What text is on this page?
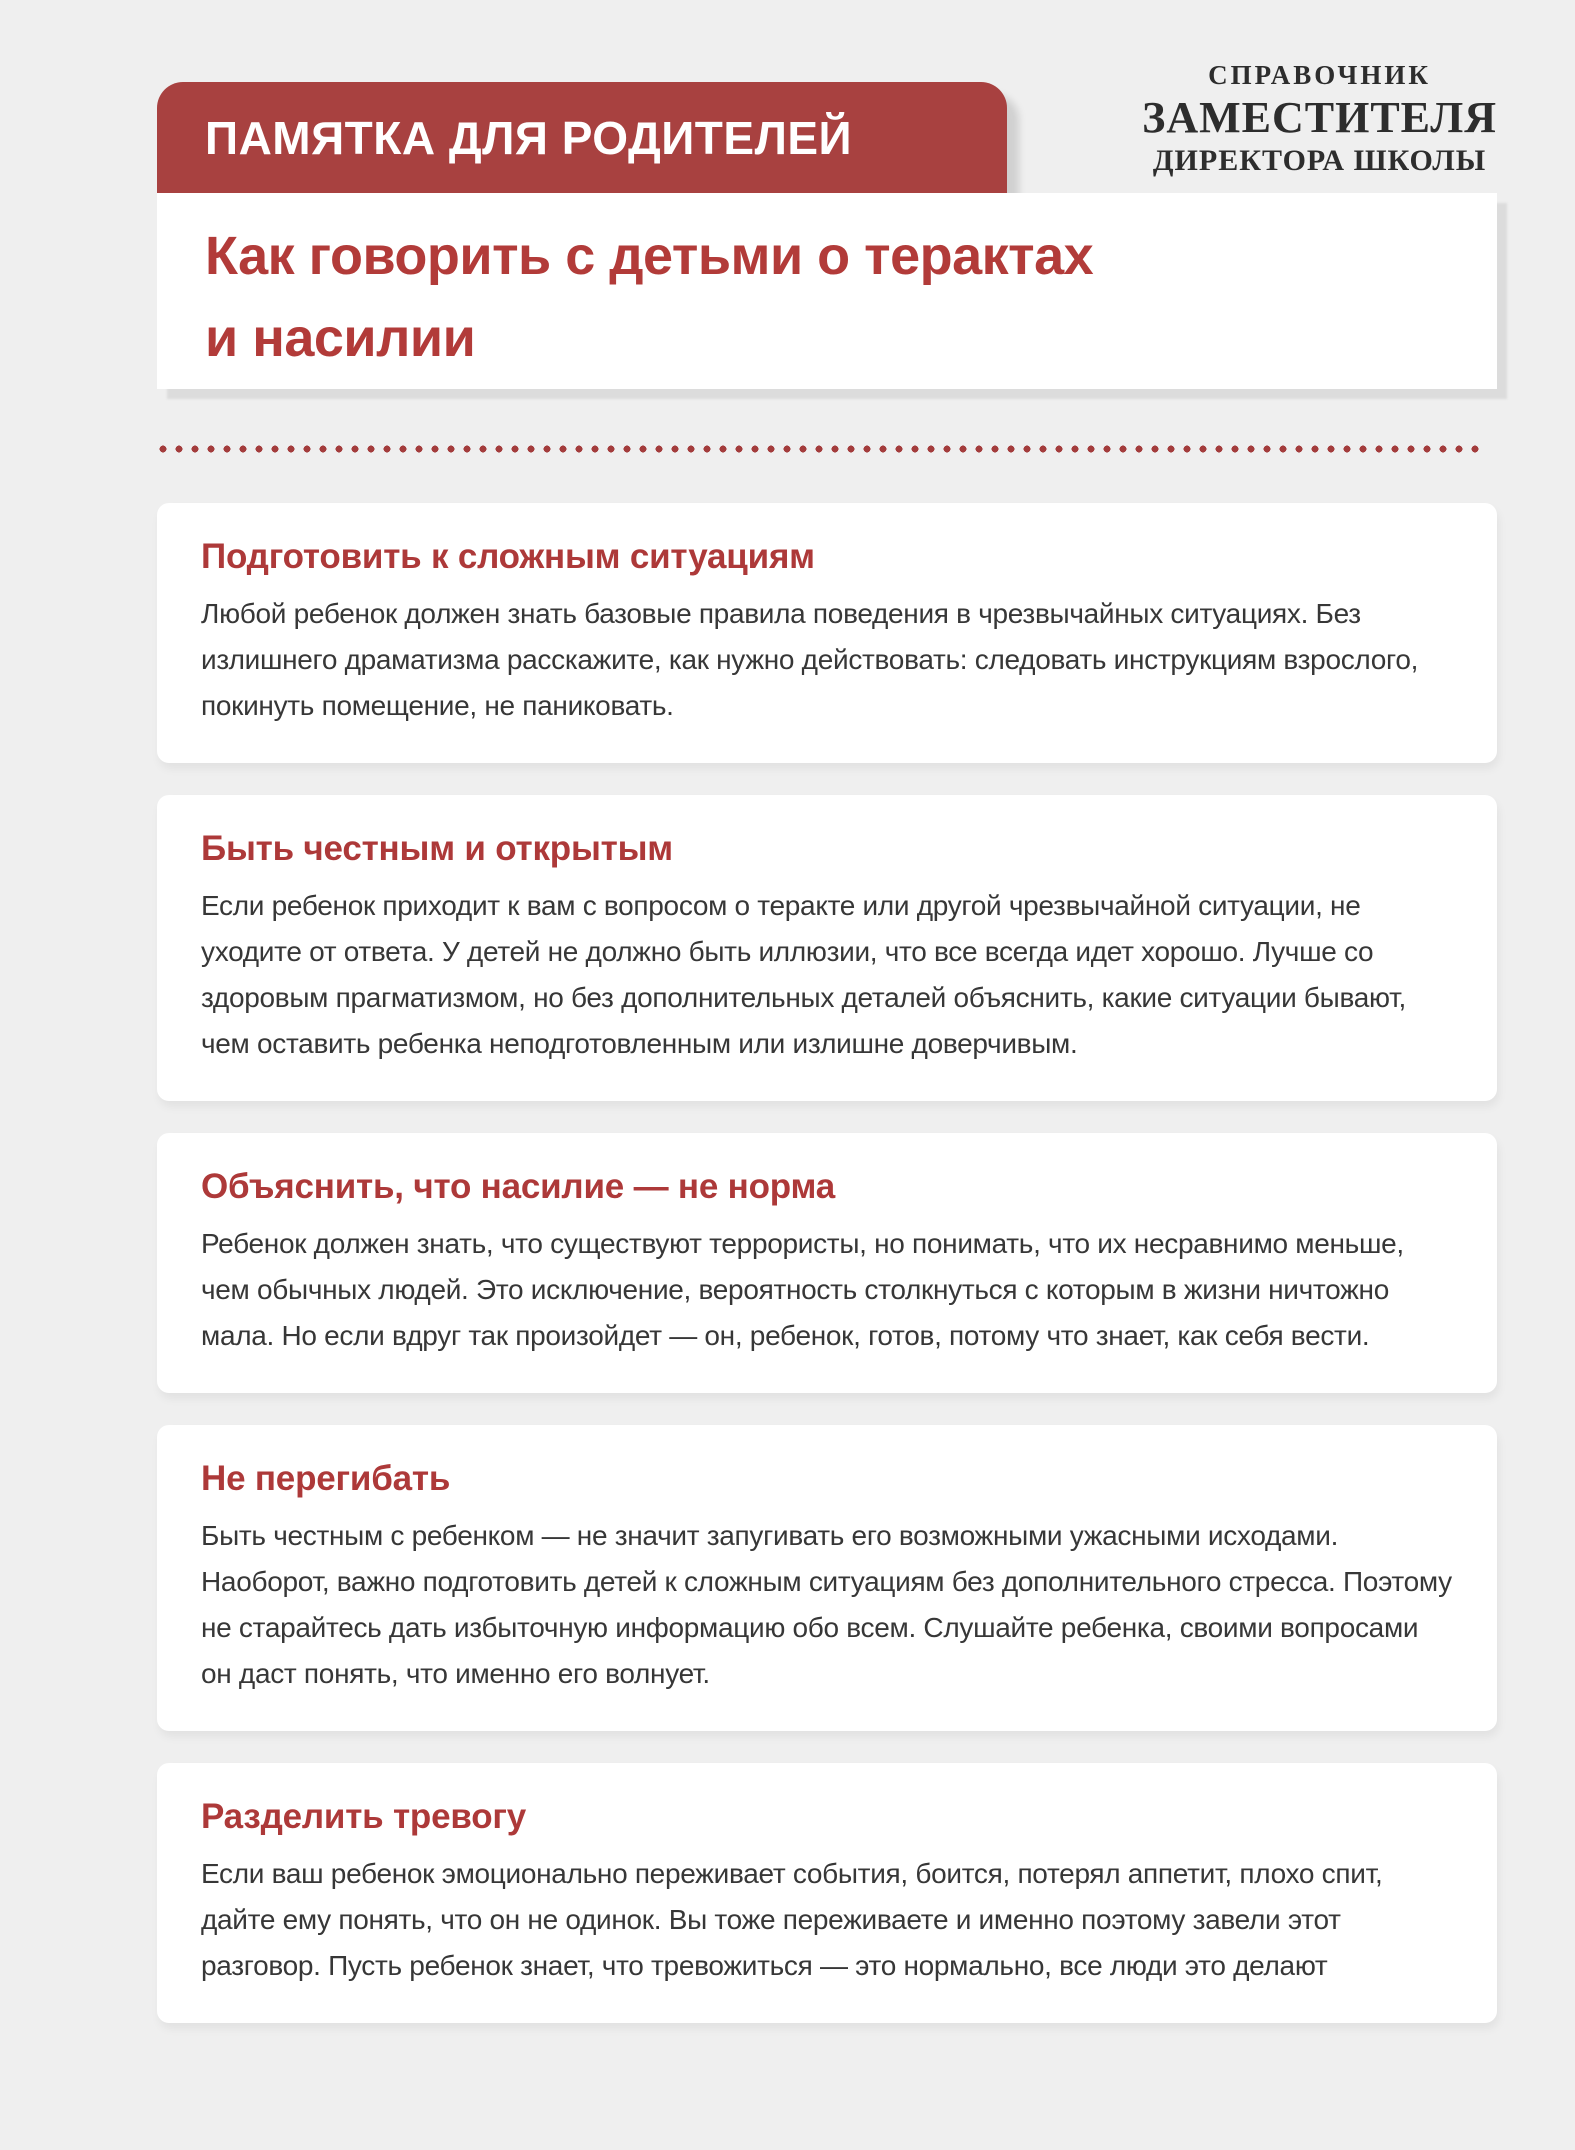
СПРАВОЧНИК
ЗАМЕСТИТЕЛЯ
ДИРЕКТОРА ШКОЛЫ
ПАМЯТКА ДЛЯ РОДИТЕЛЕЙ
Как говорить с детьми о терактах
и насилии
Подготовить к сложным ситуациям

Любой ребенок должен знать базовые правила поведения в чрезвычайных ситуациях. Без излишнего драматизма расскажите, как нужно действовать: следовать инструкциям взрослого, покинуть помещение, не паниковать.

Быть честным и открытым

Если ребенок приходит к вам с вопросом о теракте или другой чрезвычайной ситуации, не уходите от ответа. У детей не должно быть иллюзии, что все всегда идет хорошо. Лучше со здоровым прагматизмом, но без дополнительных деталей объяснить, какие ситуации бывают, чем оставить ребенка неподготовленным или излишне доверчивым.

Объяснить, что насилие — не норма

Ребенок должен знать, что существуют террористы, но понимать, что их несравнимо меньше, чем обычных людей. Это исключение, вероятность столкнуться с которым в жизни ничтожно мала. Но если вдруг так произойдет — он, ребенок, готов, потому что знает, как себя вести.

Не перегибать

Быть честным с ребенком — не значит запугивать его возможными ужасными исходами. Наоборот, важно подготовить детей к сложным ситуациям без дополнительного стресса. Поэтому не старайтесь дать избыточную информацию обо всем. Слушайте ребенка, своими вопросами он даст понять, что именно его волнует.

Разделить тревогу

Если ваш ребенок эмоционально переживает события, боится, потерял аппетит, плохо спит, дайте ему понять, что он не одинок. Вы тоже переживаете и именно поэтому завели этот разговор. Пусть ребенок знает, что тревожиться — это нормально, все люди это делают
